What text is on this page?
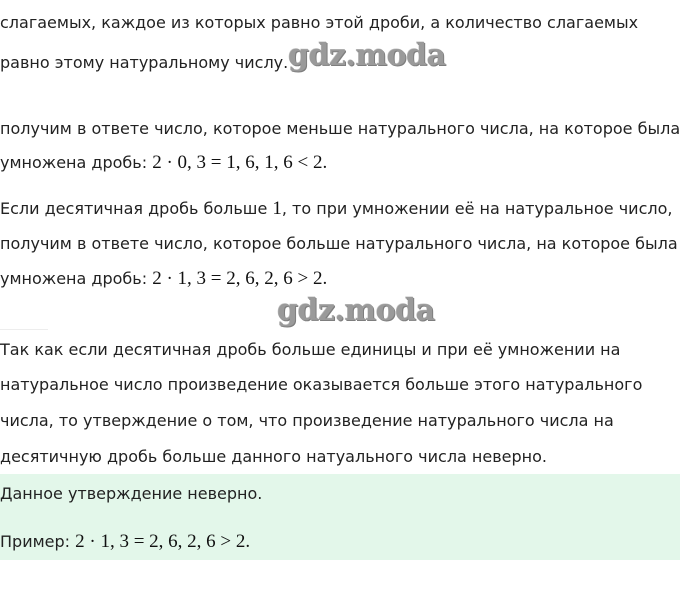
слагаемых, каждое из которых равно этой дроби, а количество слагаемых
равно этому натуральному числу. gdz.moda
получим в ответе число, которое меньше натурального числа, на которое была
умножена дробь: 2 · 0, 3 = 1, 6, 1, 6 < 2.
Если десятичная дробь больше 1, то при умножении её на натуральное число,
получим в ответе число, которое больше натурального числа, на которое была
умножена дробь: 2 · 1, 3 = 2, 6, 2, 6 > 2.
gdz.moda
Так как если десятичная дробь больше единицы и при её умножении на
натуральное число произведение оказывается больше этого натурального
числа, то утверждение о том, что произведение натурального числа на
десятичную дробь больше данного натуального числа неверно.
Данное утверждение неверно.
Пример: 2 · 1, 3 = 2, 6, 2, 6 > 2.
